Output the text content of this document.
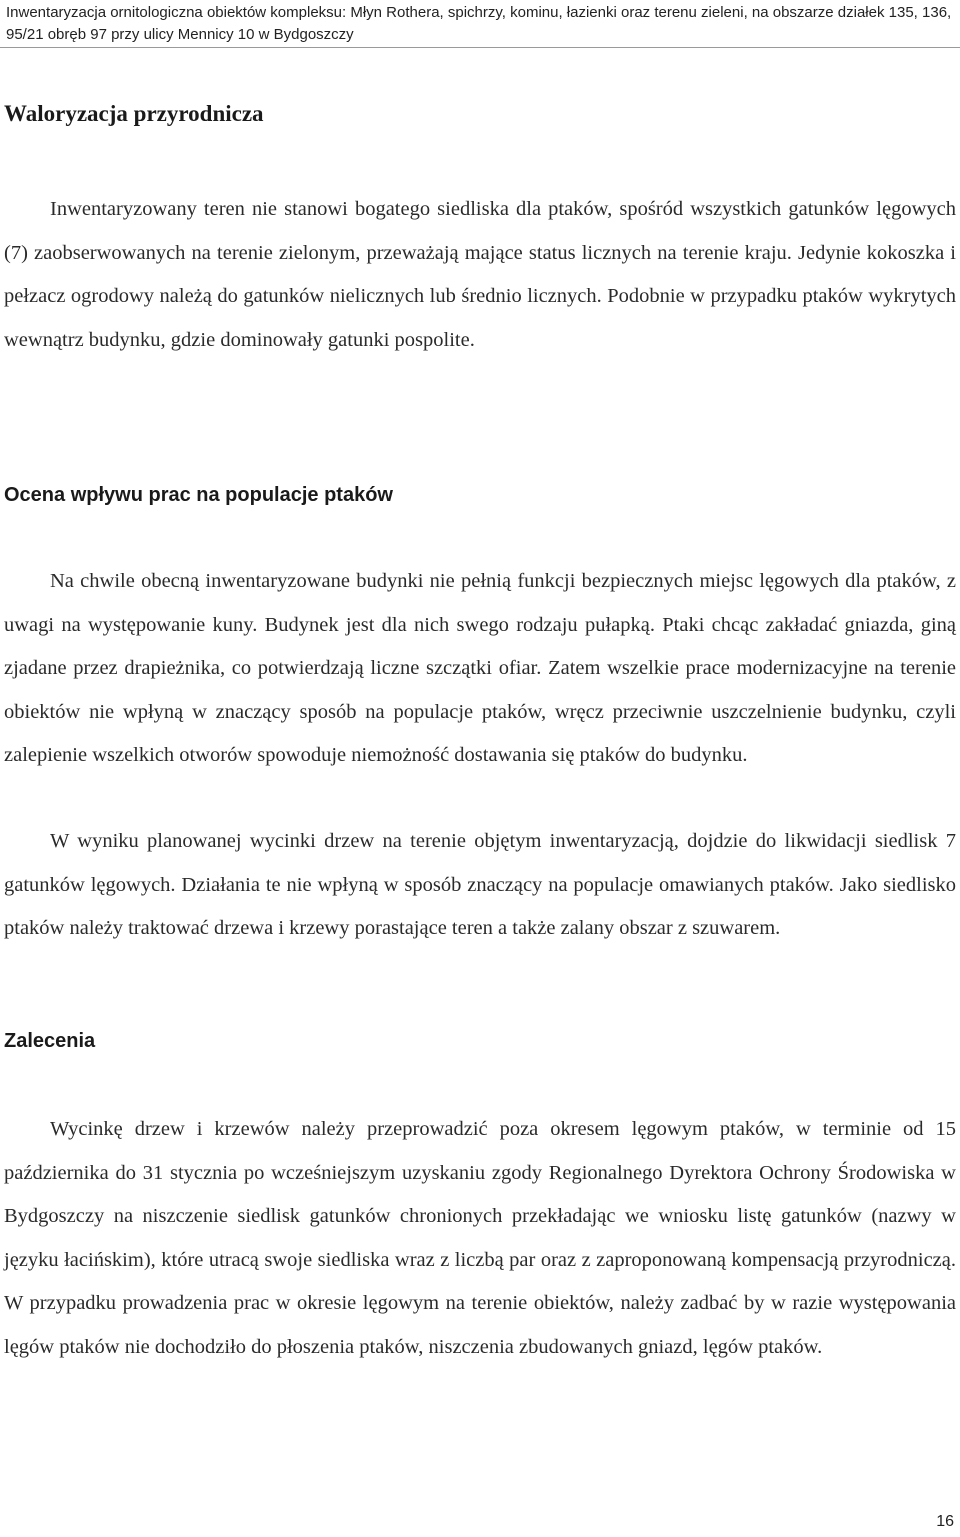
Inwentaryzacja ornitologiczna obiektów kompleksu: Młyn Rothera, spichrzy, kominu, łazienki oraz terenu zieleni, na obszarze działek 135, 136, 95/21 obręb 97 przy ulicy Mennicy 10 w Bydgoszczy
Waloryzacja przyrodnicza

Inwentaryzowany teren nie stanowi bogatego siedliska dla ptaków, spośród wszystkich gatunków lęgowych (7) zaobserwowanych na terenie zielonym, przeważają mające status licznych na terenie kraju. Jedynie kokoszka i pełzacz ogrodowy należą do gatunków nielicznych lub średnio licznych. Podobnie w przypadku ptaków wykrytych wewnątrz budynku, gdzie dominowały gatunki pospolite.

Ocena wpływu prac na populacje ptaków

Na chwile obecną inwentaryzowane budynki nie pełnią funkcji bezpiecznych miejsc lęgowych dla ptaków, z uwagi na występowanie kuny. Budynek jest dla nich swego rodzaju pułapką. Ptaki chcąc zakładać gniazda, giną zjadane przez drapieżnika, co potwierdzają liczne szczątki ofiar. Zatem wszelkie prace modernizacyjne na terenie obiektów nie wpłyną w znaczący sposób na populacje ptaków, wręcz przeciwnie uszczelnienie budynku, czyli zalepienie wszelkich otworów spowoduje niemożność dostawania się ptaków do budynku.

W wyniku planowanej wycinki drzew na terenie objętym inwentaryzacją, dojdzie do likwidacji siedlisk 7 gatunków lęgowych. Działania te nie wpłyną w sposób znaczący na populacje omawianych ptaków. Jako siedlisko ptaków należy traktować drzewa i krzewy porastające teren a także zalany obszar z szuwarem.

Zalecenia

Wycinkę drzew i krzewów należy przeprowadzić poza okresem lęgowym ptaków, w terminie od 15 października do 31 stycznia po wcześniejszym uzyskaniu zgody Regionalnego Dyrektora Ochrony Środowiska w Bydgoszczy na niszczenie siedlisk gatunków chronionych przekładając we wniosku listę gatunków (nazwy w języku łacińskim), które utracą swoje siedliska wraz z liczbą par oraz z zaproponowaną kompensacją przyrodniczą. W przypadku prowadzenia prac w okresie lęgowym na terenie obiektów, należy zadbać by w razie występowania lęgów ptaków nie dochodziło do płoszenia ptaków, niszczenia zbudowanych gniazd, lęgów ptaków.

16
